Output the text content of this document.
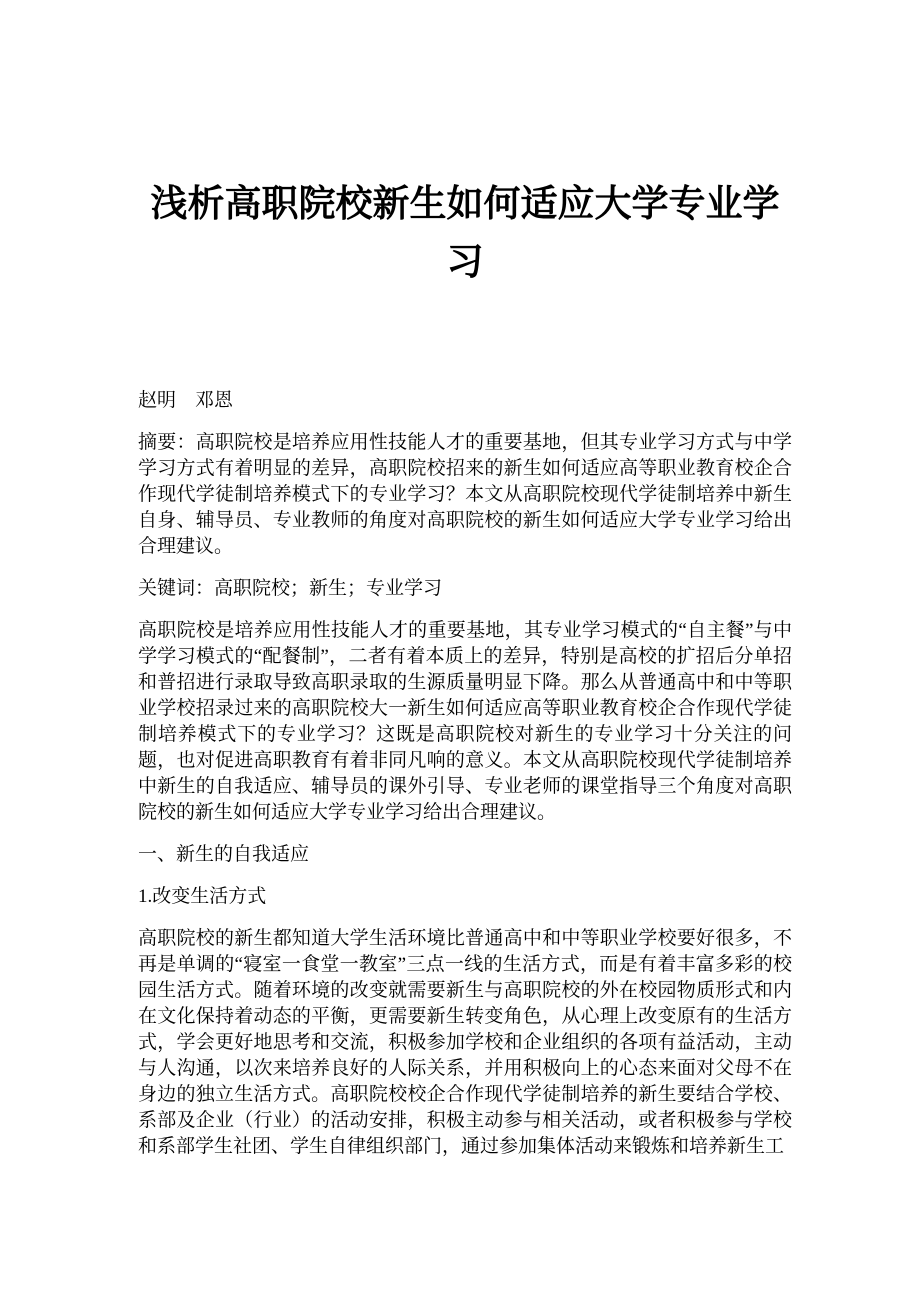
浅析高职院校新生如何适应大学专业学习

赵明　邓恩

摘要：高职院校是培养应用性技能人才的重要基地，但其专业学习方式与中学学习方式有着明显的差异，高职院校招来的新生如何适应高等职业教育校企合作现代学徒制培养模式下的专业学习？本文从高职院校现代学徒制培养中新生自身、辅导员、专业教师的角度对高职院校的新生如何适应大学专业学习给出合理建议。

关键词：高职院校；新生；专业学习

高职院校是培养应用性技能人才的重要基地，其专业学习模式的“自主餐”与中学学习模式的“配餐制”，二者有着本质上的差异，特别是高校的扩招后分单招和普招进行录取导致高职录取的生源质量明显下降。那么从普通高中和中等职业学校招录过来的高职院校大一新生如何适应高等职业教育校企合作现代学徒制培养模式下的专业学习？这既是高职院校对新生的专业学习十分关注的问题，也对促进高职教育有着非同凡响的意义。本文从高职院校现代学徒制培养中新生的自我适应、辅导员的课外引导、专业老师的课堂指导三个角度对高职院校的新生如何适应大学专业学习给出合理建议。

一、新生的自我适应
1.改变生活方式

高职院校的新生都知道大学生活环境比普通高中和中等职业学校要好很多，不再是单调的“寝室一食堂一教室”三点一线的生活方式，而是有着丰富多彩的校园生活方式。随着环境的改变就需要新生与高职院校的外在校园物质形式和内在文化保持着动态的平衡，更需要新生转变角色，从心理上改变原有的生活方式，学会更好地思考和交流，积极参加学校和企业组织的各项有益活动，主动与人沟通，以次来培养良好的人际关系，并用积极向上的心态来面对父母不在身边的独立生活方式。高职院校校企合作现代学徒制培养的新生要结合学校、系部及企业（行业）的活动安排，积极主动参与相关活动，或者积极参与学校和系部学生社团、学生自律组织部门，通过参加集体活动来锻炼和培养新生工
